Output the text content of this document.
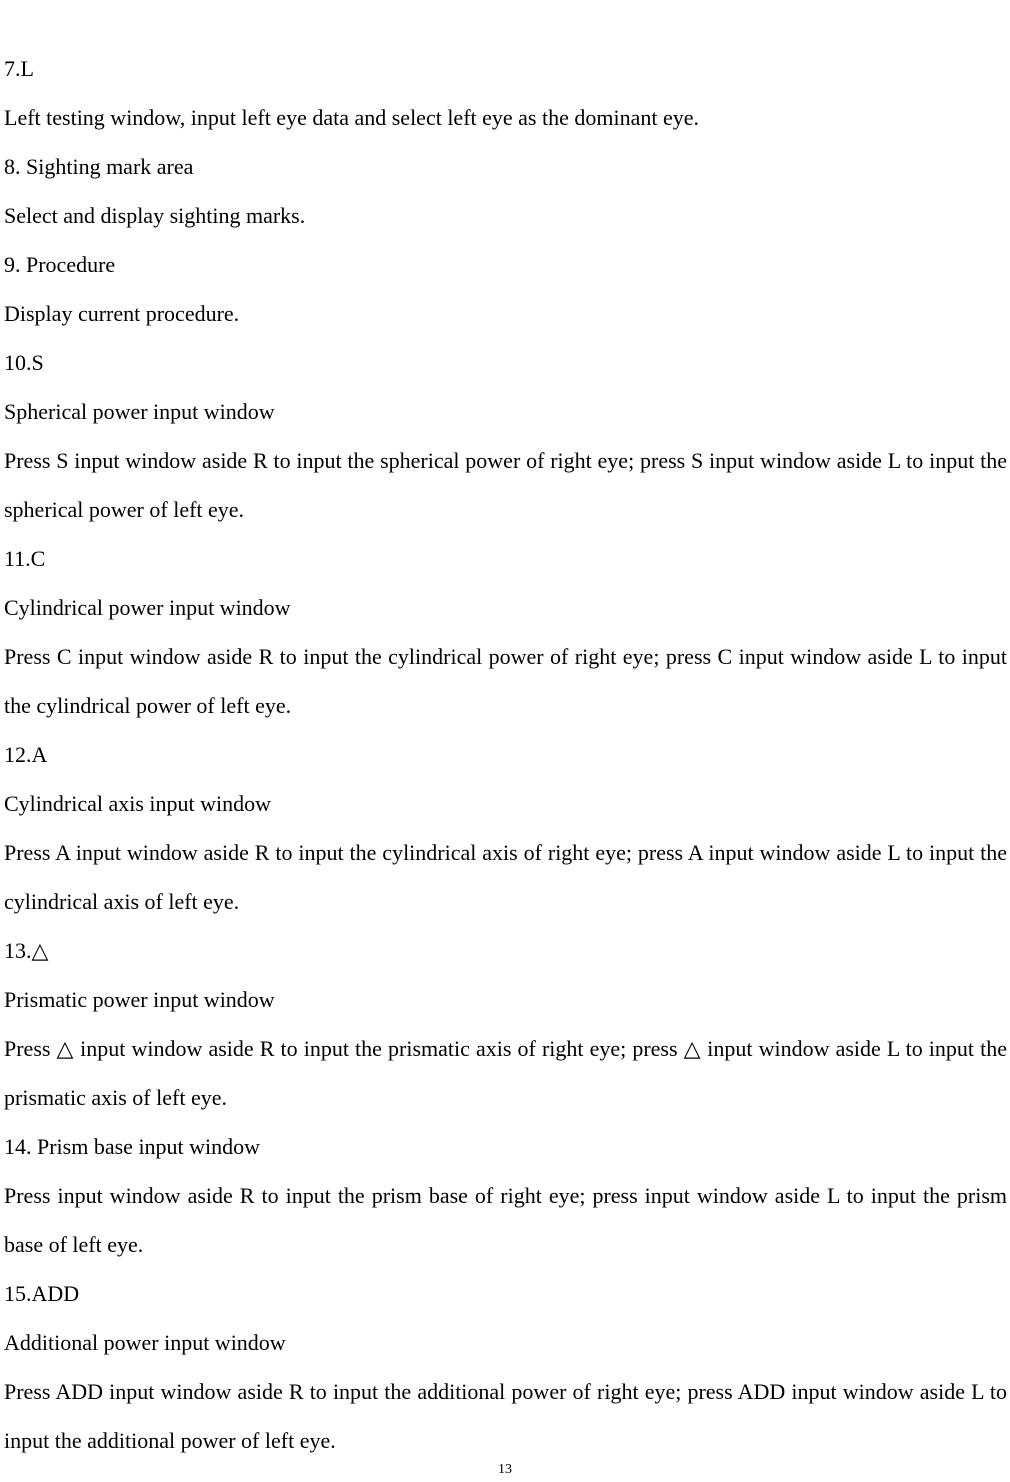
7.L

Left testing window, input left eye data and select left eye as the dominant eye.

8. Sighting mark area

Select and display sighting marks.

9. Procedure

Display current procedure.

10.S

Spherical power input window

Press S input window aside R to input the spherical power of right eye; press S input window aside L to input the spherical power of left eye.

11.C

Cylindrical power input window

Press C input window aside R to input the cylindrical power of right eye; press C input window aside L to input the cylindrical power of left eye.

12.A

Cylindrical axis input window

Press A input window aside R to input the cylindrical axis of right eye; press A input window aside L to input the cylindrical axis of left eye.

13.△

Prismatic power input window

Press △ input window aside R to input the prismatic axis of right eye; press △ input window aside L to input the prismatic axis of left eye.

14. Prism base input window

Press input window aside R to input the prism base of right eye; press input window aside L to input the prism base of left eye.

15.ADD

Additional power input window

Press ADD input window aside R to input the additional power of right eye; press ADD input window aside L to input the additional power of left eye.

13
